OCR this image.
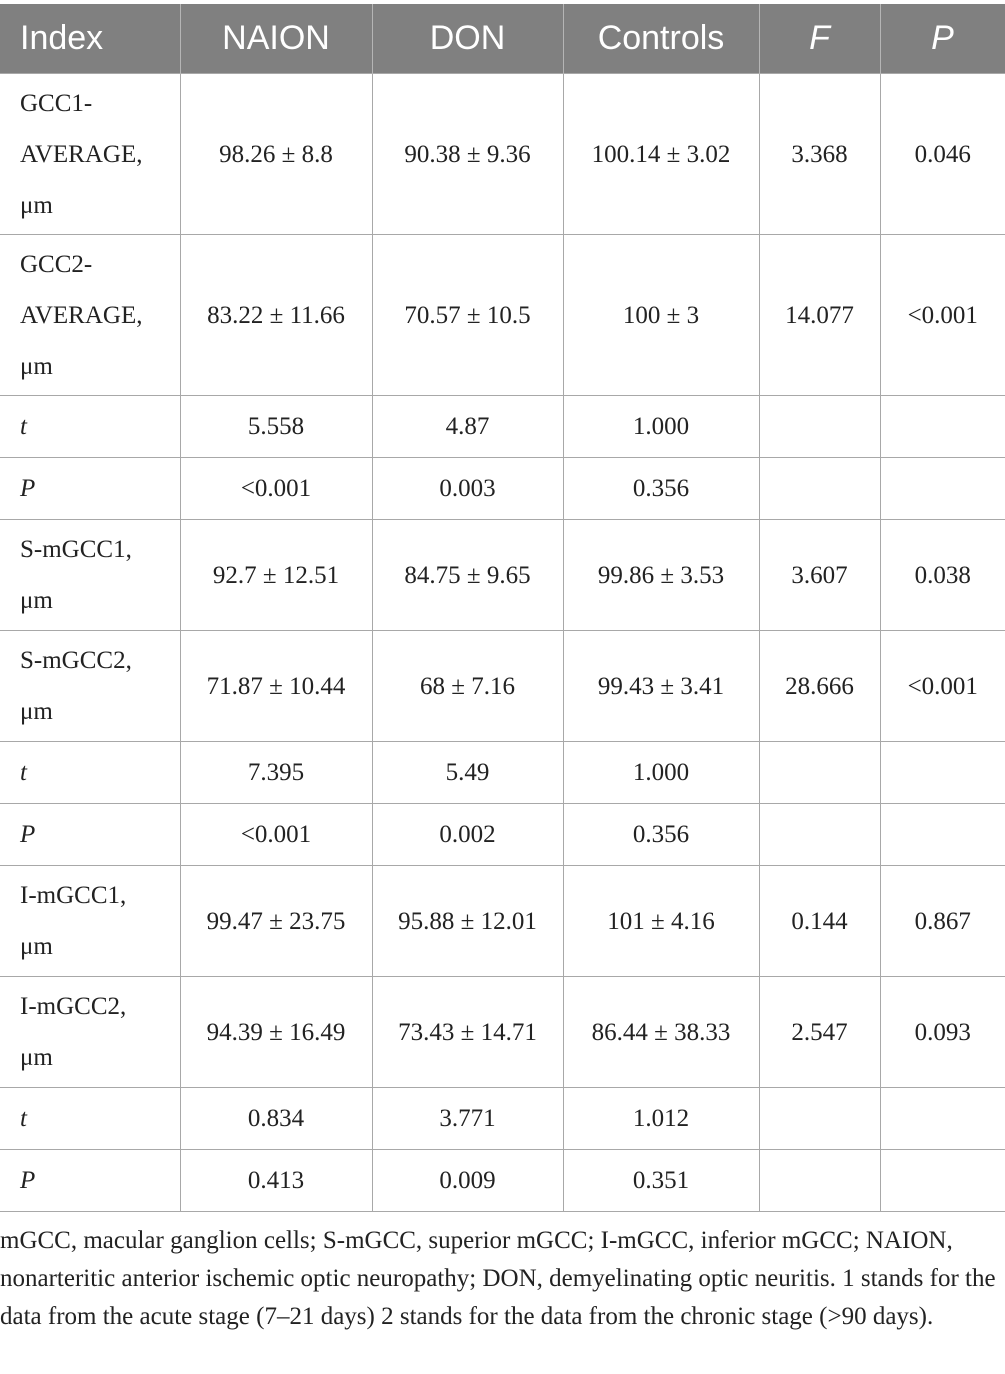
Index	NAION	DON	Controls	F	P

GCC1-
AVERAGE,
μm	98.26 ± 8.8	90.38 ± 9.36	100.14 ± 3.02	3.368	0.046

GCC2-
AVERAGE,
μm	83.22 ± 11.66	70.57 ± 10.5	100 ± 3	14.077	<0.001
t	5.558	4.87	1.000		
P	<0.001	0.003	0.356		

S-mGCC1,
μm	92.7 ± 12.51	84.75 ± 9.65	99.86 ± 3.53	3.607	0.038

S-mGCC2,
μm	71.87 ± 10.44	68 ± 7.16	99.43 ± 3.41	28.666	<0.001
t	7.395	5.49	1.000		
P	<0.001	0.002	0.356		

I-mGCC1,
μm	99.47 ± 23.75	95.88 ± 12.01	101 ± 4.16	0.144	0.867

I-mGCC2,
μm	94.39 ± 16.49	73.43 ± 14.71	86.44 ± 38.33	2.547	0.093
t	0.834	3.771	1.012		
P	0.413	0.009	0.351		
mGCC, macular ganglion cells; S-mGCC, superior mGCC; I-mGCC, inferior mGCC; NAION, nonarteritic anterior ischemic optic neuropathy; DON, demyelinating optic neuritis. 1 stands for the data from the acute stage (7–21 days) 2 stands for the data from the chronic stage (>90 days).
